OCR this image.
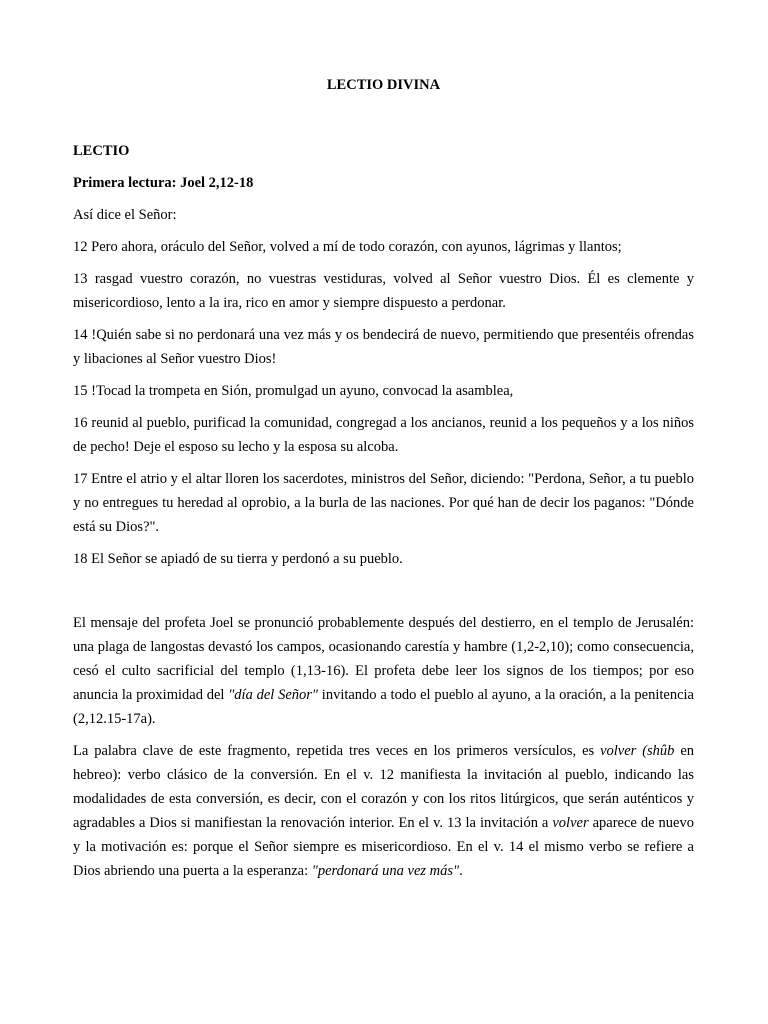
LECTIO DIVINA

LECTIO

Primera lectura: Joel 2,12-18

Así dice el Señor:

12 Pero ahora, oráculo del Señor, volved a mí de todo corazón, con ayunos, lágrimas y llantos;

13 rasgad vuestro corazón, no vuestras vestiduras, volved al Señor vuestro Dios. Él es clemente y misericordioso, lento a la ira, rico en amor y siempre dispuesto a perdonar.

14 !Quién sabe si no perdonará una vez más y os bendecirá de nuevo, permitiendo que presentéis ofrendas y libaciones al Señor vuestro Dios!

15 !Tocad la trompeta en Sión, promulgad un ayuno, convocad la asamblea,

16 reunid al pueblo, purificad la comunidad, congregad a los ancianos, reunid a los pequeños y a los niños de pecho! Deje el esposo su lecho y la esposa su alcoba.

17 Entre el atrio y el altar lloren los sacerdotes, ministros del Señor, diciendo: "Perdona, Señor, a tu pueblo y no entregues tu heredad al oprobio, a la burla de las naciones. Por qué han de decir los paganos: "Dónde está su Dios?".

18 El Señor se apiadó de su tierra y perdonó a su pueblo.

El mensaje del profeta Joel se pronunció probablemente después del destierro, en el templo de Jerusalén: una plaga de langostas devastó los campos, ocasionando carestía y hambre (1,2-2,10); como consecuencia, cesó el culto sacrificial del templo (1,13-16). El profeta debe leer los signos de los tiempos; por eso anuncia la proximidad del "día del Señor" invitando a todo el pueblo al ayuno, a la oración, a la penitencia (2,12.15-17a).

La palabra clave de este fragmento, repetida tres veces en los primeros versículos, es volver (shûb en hebreo): verbo clásico de la conversión. En el v. 12 manifiesta la invitación al pueblo, indicando las modalidades de esta conversión, es decir, con el corazón y con los ritos litúrgicos, que serán auténticos y agradables a Dios si manifiestan la renovación interior. En el v. 13 la invitación a volver aparece de nuevo y la motivación es: porque el Señor siempre es misericordioso. En el v. 14 el mismo verbo se refiere a Dios abriendo una puerta a la esperanza: "perdonará una vez más".
